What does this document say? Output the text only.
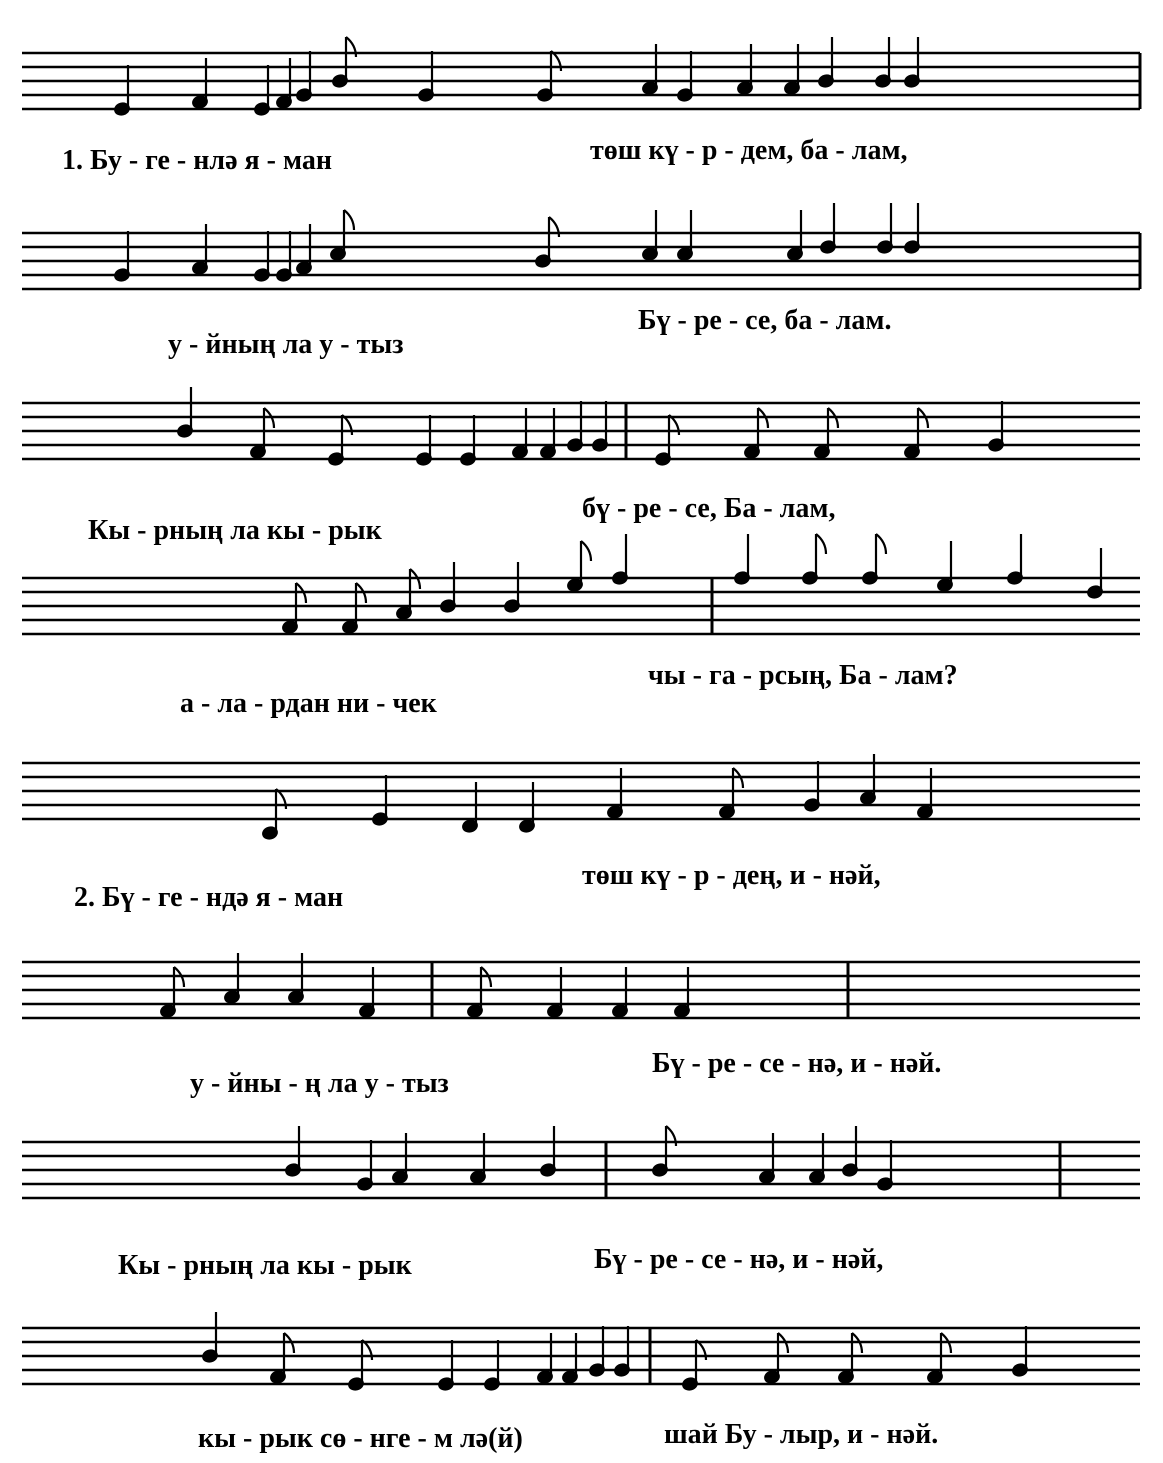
1. Бу - ге - нлә я - ман	төш кү - р - дем, ба - лам,
у - йның ла у - тыз
Бү - ре - се, ба - лам.
Кы - рның ла кы - рык
бү - ре - се, Ба - лам,
а - ла - рдан ни - чек
чы - га - рсың, Ба - лам?
2. Бү - ге - ндә я - ман
төш кү - р - дең, и - нәй,
у - йны - ң ла у - тыз
Бү - ре - се - нә, и - нәй.
Кы - рның ла кы - рык	Бү - ре - се - нә, и - нәй,
кы - рык сө - нге - м лә(й)	шай Бу - лыр, и - нәй.
